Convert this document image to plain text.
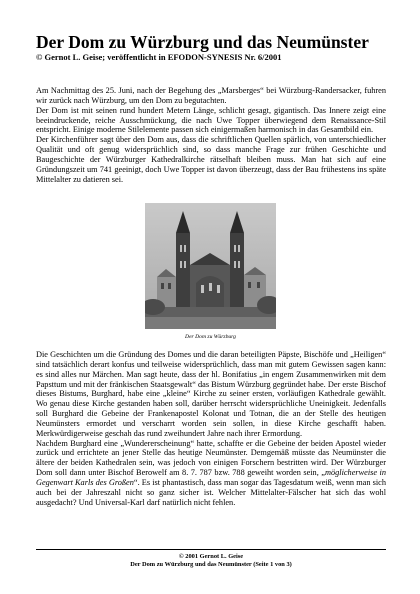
Der Dom zu Würzburg und das Neumünster
© Gernot L. Geise; veröffentlicht in EFODON-SYNESIS Nr. 6/2001

Am Nachmittag des 25. Juni, nach der Begehung des „Marsberges“ bei Würzburg-Randersacker, fuhren wir zurück nach Würzburg, um den Dom zu begutachten.

Der Dom ist mit seinen rund hundert Metern Länge, schlicht gesagt, gigantisch. Das Innere zeigt eine beeindruckende, reiche Ausschmückung, die nach Uwe Topper überwiegend dem Renaissance-Stil entspricht. Einige moderne Stilelemente passen sich einigermaßen harmonisch in das Gesamtbild ein.

Der Kirchenführer sagt über den Dom aus, dass die schriftlichen Quellen spärlich, von unterschiedlicher Qualität und oft genug widersprüchlich sind, so dass manche Frage zur frühen Geschichte und Baugeschichte der Würzburger Kathedralkirche rätselhaft bleiben muss. Man hat sich auf eine Gründungszeit um 741 geeinigt, doch Uwe Topper ist davon überzeugt, dass der Bau frühestens ins späte Mittelalter zu datieren sei.

Der Dom zu Würzburg

Die Geschichten um die Gründung des Domes und die daran beteiligten Päpste, Bischöfe und „Heiligen“ sind tatsächlich derart konfus und teilweise widersprüchlich, dass man mit gutem Gewissen sagen kann: es sind alles nur Märchen. Man sagt heute, dass der hl. Bonifatius „in engem Zusammenwirken mit dem Papsttum und mit der fränkischen Staatsgewalt“ das Bistum Würzburg gegründet habe. Der erste Bischof dieses Bistums, Burghard, habe eine „kleine“ Kirche zu seiner ersten, vorläufigen Kathedrale gewählt. Wo genau diese Kirche gestanden haben soll, darüber herrscht widersprüchliche Uneinigkeit. Jedenfalls soll Burghard die Gebeine der Frankenapostel Kolonat und Totnan, die an der Stelle des heutigen Neumünsters ermordet und verscharrt worden sein sollen, in diese Kirche geschafft haben. Merkwürdigerweise geschah das rund zweihundert Jahre nach ihrer Ermordung.

Nachdem Burghard eine „Wundererscheinung“ hatte, schaffte er die Gebeine der beiden Apostel wieder zurück und errichtete an jener Stelle das heutige Neumünster. Demgemäß müsste das Neumünster die ältere der beiden Kathedralen sein, was jedoch von einigen Forschern bestritten wird. Der Würzburger Dom soll dann unter Bischof Berowelf am 8. 7. 787 bzw. 788 geweiht worden sein, „möglicherweise in Gegenwart Karls des Großen“. Es ist phantastisch, dass man sogar das Tagesdatum weiß, wenn man sich auch bei der Jahreszahl nicht so ganz sicher ist. Welcher Mittelalter-Fälscher hat sich das wohl ausgedacht? Und Universal-Karl darf natürlich nicht fehlen.

© 2001 Gernot L. Geise
Der Dom zu Würzburg und das Neumünster (Seite 1 von 3)
